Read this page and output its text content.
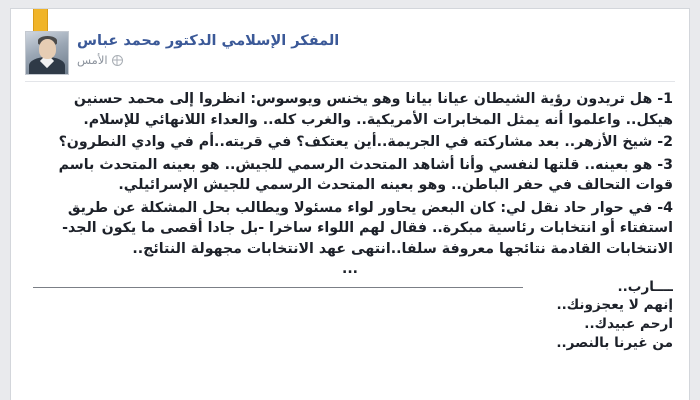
المفكر الإسلامي الدكتور محمد عباس
الأمس

1- هل تريدون رؤية الشيطان عيانا بيانا وهو يخنس ويوسوس: انظروا إلى محمد حسنين هيكل.. واعلموا أنه يمثل المخابرات الأمريكية.. والغرب كله.. والعداء اللانهائي للإسلام.

2- شيخ الأزهر.. بعد مشاركته في الجريمة..أين يعتكف؟ في قريته..أم في وادي النطرون؟

3- هو بعينه.. قلتها لنفسي وأنا أشاهد المتحدث الرسمي للجيش.. هو بعينه المتحدث باسم قوات التحالف في حفر الباطن.. وهو بعينه المتحدث الرسمي للجيش الإسرائيلي.

4- في حوار حاد نقل لي: كان البعض يحاور لواء مسئولا ويطالب بحل المشكلة عن طريق استفتاء أو انتخابات رئاسية مبكرة.. فقال لهم اللواء ساخرا -بل جادا أقصى ما يكون الجد- الانتخابات القادمة نتائجها معروفة سلفا..انتهى عهد الانتخابات مجهولة النتائج..

...

ــــارب..

إنهم لا يعجزونك..

ارحم عبيدك..

من غيرنا بالنصر..
